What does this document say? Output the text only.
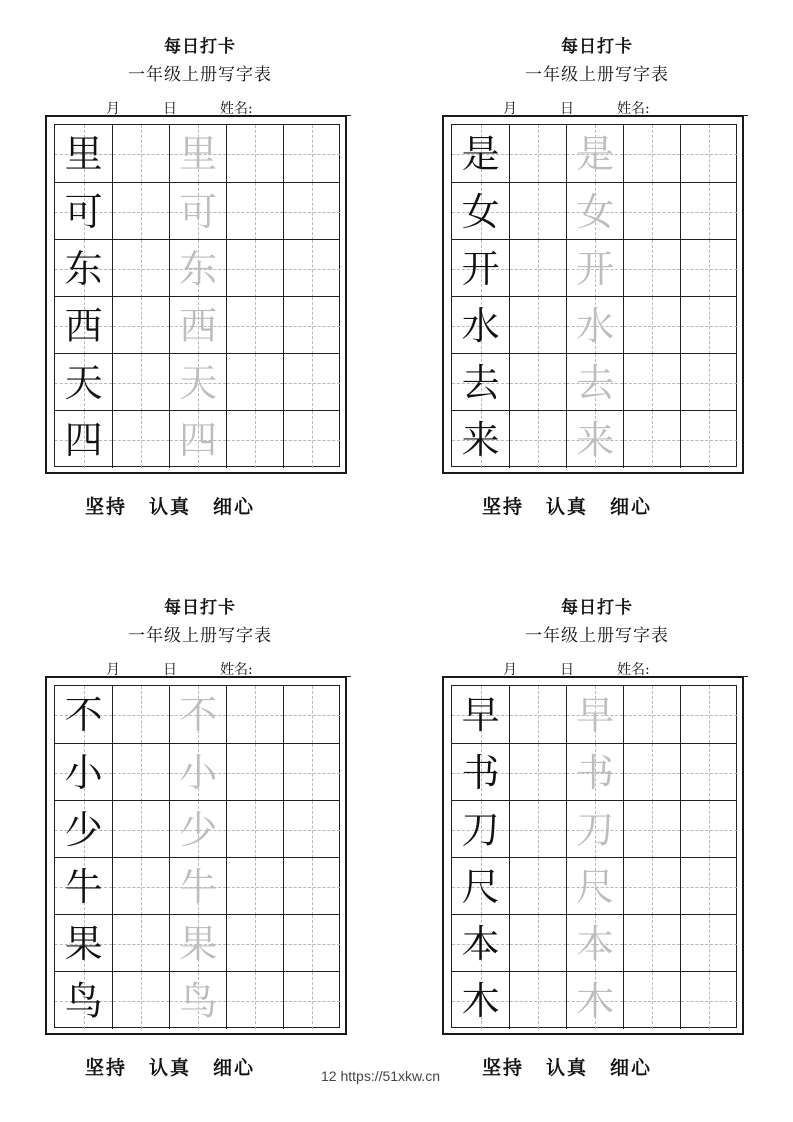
每日打卡
一年级上册写字表
月	日	姓名:
里 里
可 可
东 东
西 西
天 天
四 四
坚持 认真 细心
每日打卡
一年级上册写字表
月	日	姓名:
是 是
女 女
开 开
水 水
去 去
来 来
坚持 认真 细心
每日打卡
一年级上册写字表
月	日	姓名:
不 不
小 小
少 少
牛 牛
果 果
鸟 鸟
坚持 认真 细心
每日打卡
一年级上册写字表
月	日	姓名:
早 早
书 书
刀 刀
尺 尺
本 本
木 木
坚持 认真 细心
12 https://51xkw.cn
